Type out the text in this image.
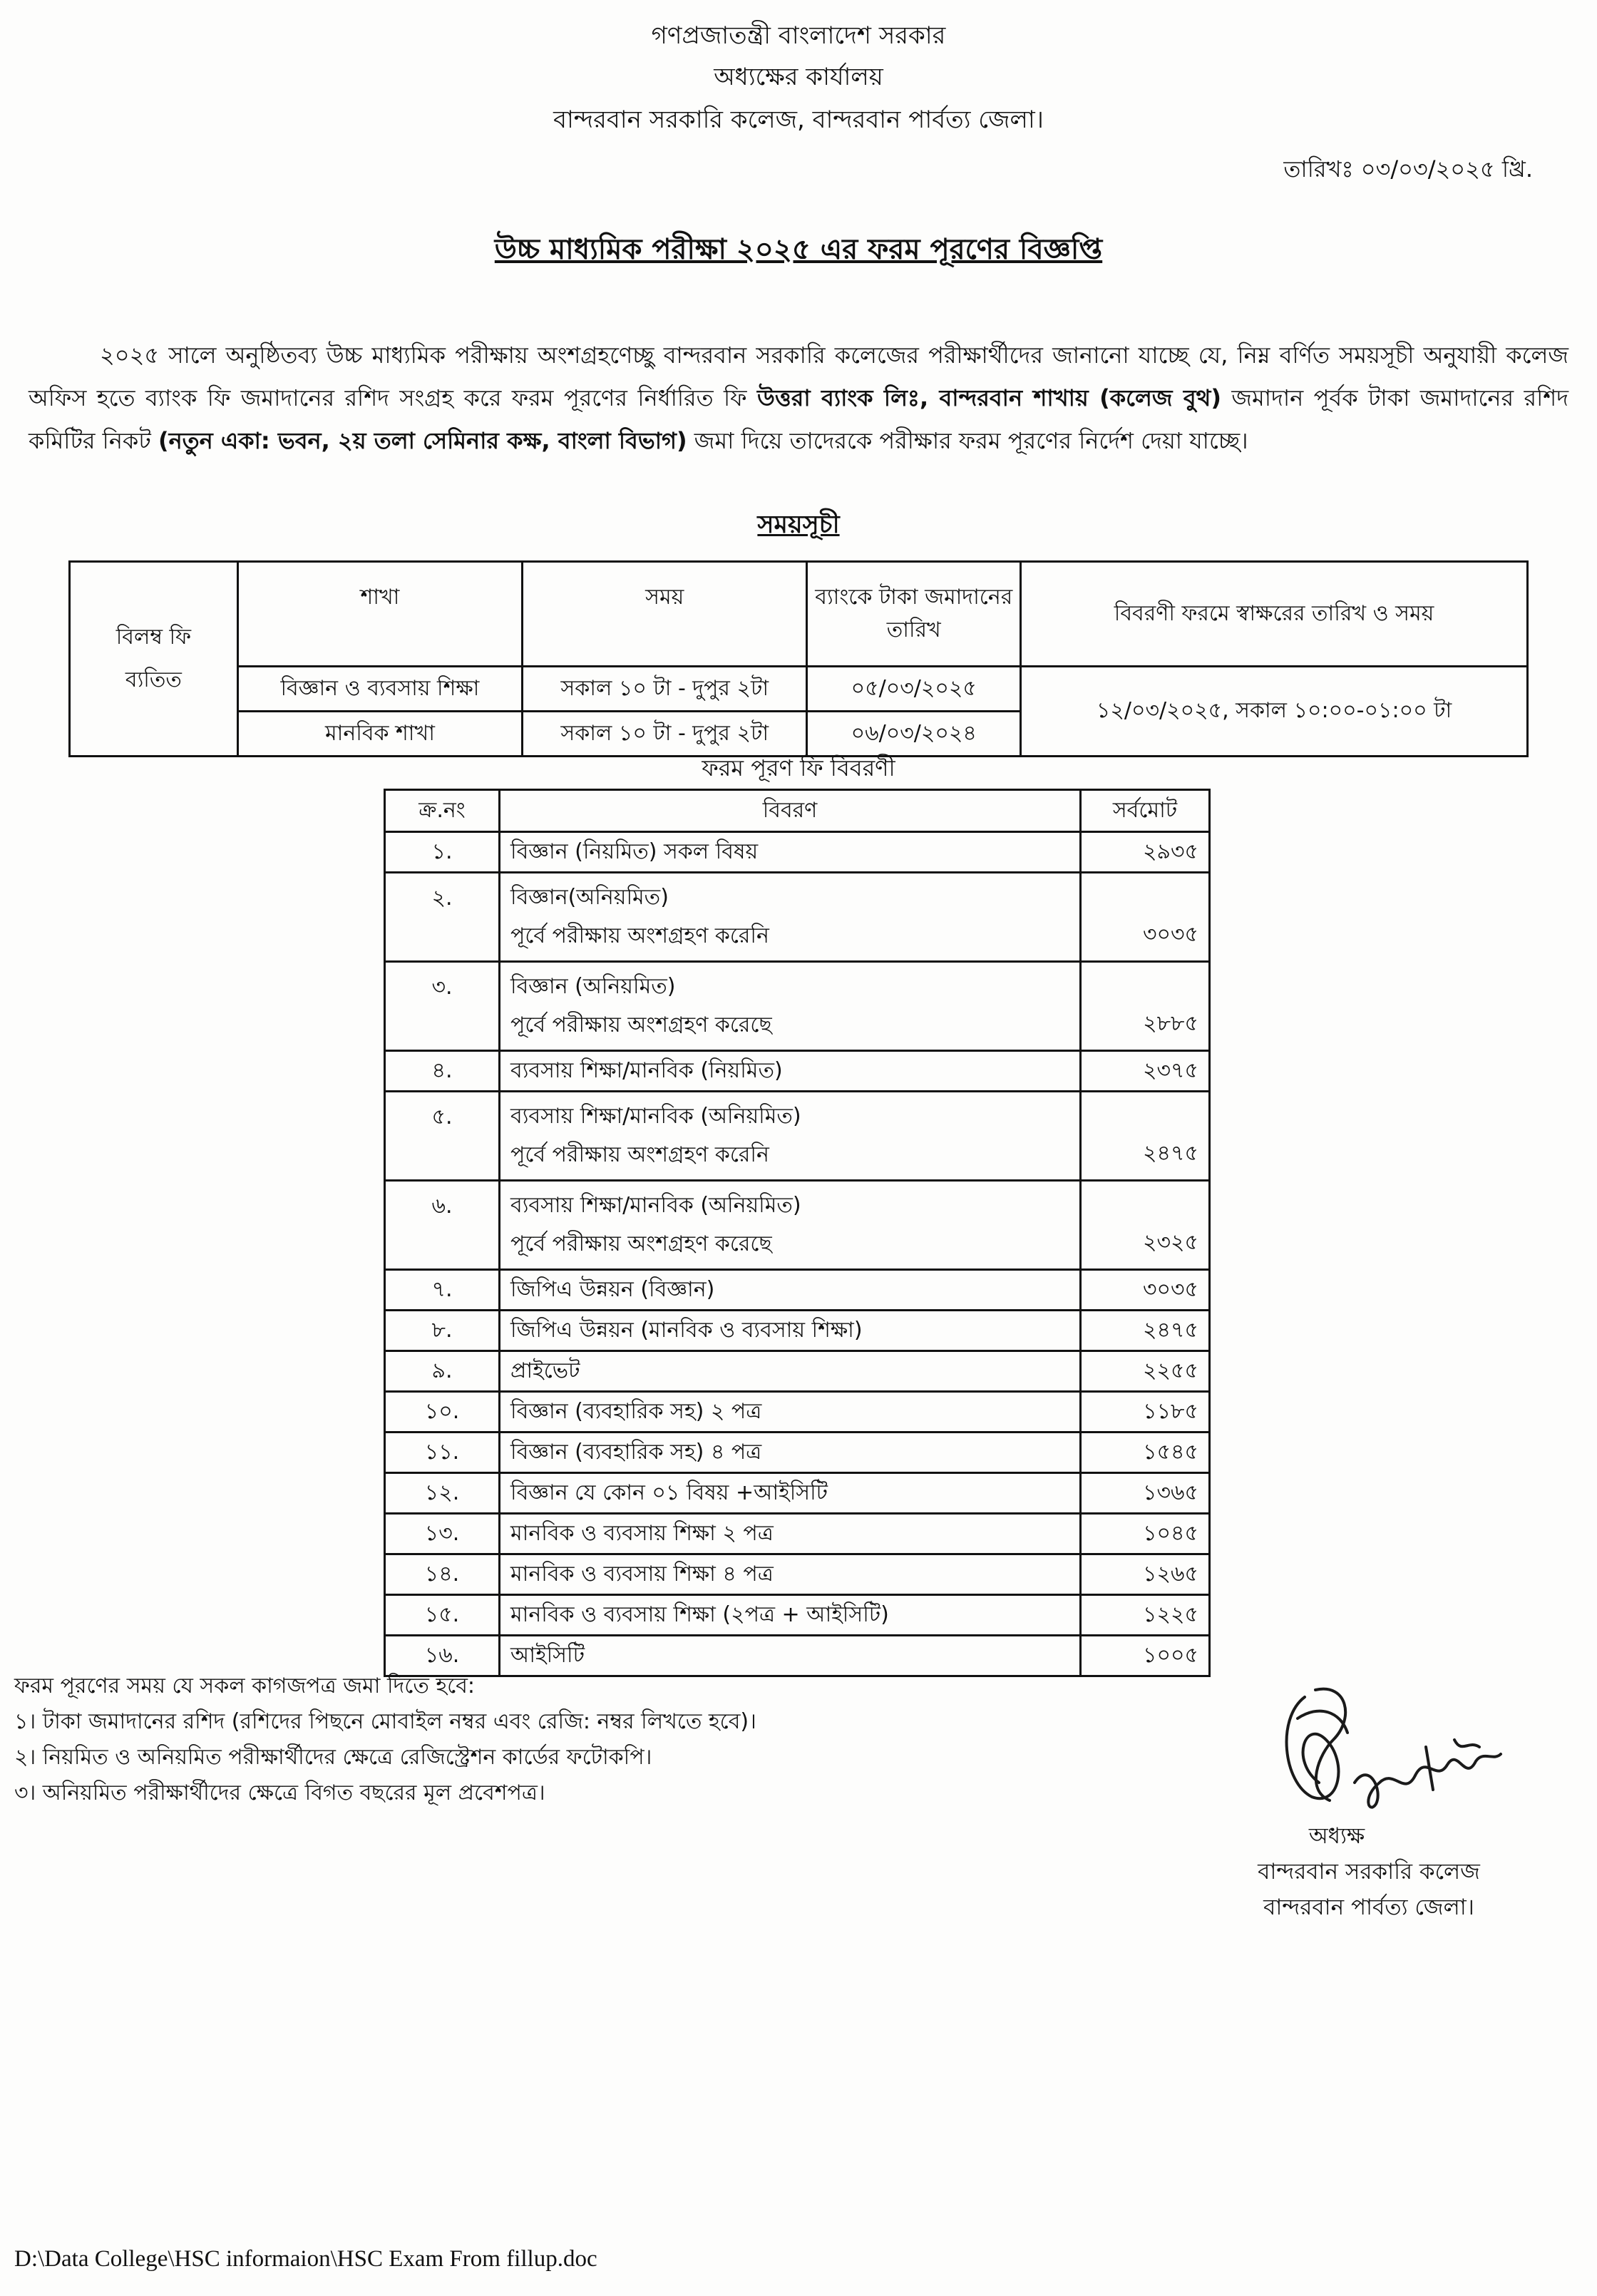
গণপ্রজাতন্ত্রী বাংলাদেশ সরকার
অধ্যক্ষের কার্যালয়
বান্দরবান সরকারি কলেজ, বান্দরবান পার্বত্য জেলা।
তারিখঃ ০৩/০৩/২০২৫ খ্রি.
উচ্চ মাধ্যমিক পরীক্ষা ২০২৫ এর ফরম পূরণের বিজ্ঞপ্তি
২০২৫ সালে অনুষ্ঠিতব্য উচ্চ মাধ্যমিক পরীক্ষায় অংশগ্রহণেচ্ছু বান্দরবান সরকারি কলেজের পরীক্ষার্থীদের জানানো যাচ্ছে যে, নিম্ন বর্ণিত সময়সূচী অনুযায়ী কলেজ অফিস হতে ব্যাংক ফি জমাদানের রশিদ সংগ্রহ করে ফরম পূরণের নির্ধারিত ফি উত্তরা ব্যাংক লিঃ, বান্দরবান শাখায় (কলেজ বুথ) জমাদান পূর্বক টাকা জমাদানের রশিদ কমিটির নিকট (নতুন একা: ভবন, ২য় তলা সেমিনার কক্ষ, বাংলা বিভাগ) জমা দিয়ে তাদেরকে পরীক্ষার ফরম পূরণের নির্দেশ দেয়া যাচ্ছে।
সময়সূচী
বিলম্ব ফি ব্যতিত	শাখা	সময়	ব্যাংকে টাকা জমাদানের তারিখ	বিবরণী ফরমে স্বাক্ষরের তারিখ ও সময়
	বিজ্ঞান ও ব্যবসায় শিক্ষা	সকাল ১০ টা - দুপুর ২টা	০৫/০৩/২০২৫	১২/০৩/২০২৫, সকাল ১০:০০-০১:০০ টা
	মানবিক শাখা	সকাল ১০ টা - দুপুর ২টা	০৬/০৩/২০২৪	
ফরম পূরণ ফি বিবরণী
ক্র.নং	বিবরণ	সর্বমোট
১.	বিজ্ঞান (নিয়মিত) সকল বিষয়	২৯৩৫
২.	বিজ্ঞান(অনিয়মিত)
পূর্বে পরীক্ষায় অংশগ্রহণ করেনি	৩০৩৫
৩.	বিজ্ঞান (অনিয়মিত)
পূর্বে পরীক্ষায় অংশগ্রহণ করেছে	২৮৮৫
৪.	ব্যবসায় শিক্ষা/মানবিক (নিয়মিত)	২৩৭৫
৫.	ব্যবসায় শিক্ষা/মানবিক (অনিয়মিত)
পূর্বে পরীক্ষায় অংশগ্রহণ করেনি	২৪৭৫
৬.	ব্যবসায় শিক্ষা/মানবিক (অনিয়মিত)
পূর্বে পরীক্ষায় অংশগ্রহণ করেছে	২৩২৫
৭.	জিপিএ উন্নয়ন (বিজ্ঞান)	৩০৩৫
৮.	জিপিএ উন্নয়ন (মানবিক ও ব্যবসায় শিক্ষা)	২৪৭৫
৯.	প্রাইভেট	২২৫৫
১০.	বিজ্ঞান (ব্যবহারিক সহ) ২ পত্র	১১৮৫
১১.	বিজ্ঞান (ব্যবহারিক সহ) ৪ পত্র	১৫৪৫
১২.	বিজ্ঞান যে কোন ০১ বিষয় +আইসিটি	১৩৬৫
১৩.	মানবিক ও ব্যবসায় শিক্ষা ২ পত্র	১০৪৫
১৪.	মানবিক ও ব্যবসায় শিক্ষা ৪ পত্র	১২৬৫
১৫.	মানবিক ও ব্যবসায় শিক্ষা (২পত্র + আইসিটি)	১২২৫
১৬.	আইসিটি	১০০৫
ফরম পূরণের সময় যে সকল কাগজপত্র জমা দিতে হবে:
১। টাকা জমাদানের রশিদ (রশিদের পিছনে মোবাইল নম্বর এবং রেজি: নম্বর লিখতে হবে)।
২। নিয়মিত ও অনিয়মিত পরীক্ষার্থীদের ক্ষেত্রে রেজিস্ট্রেশন কার্ডের ফটোকপি।
৩। অনিয়মিত পরীক্ষার্থীদের ক্ষেত্রে বিগত বছরের মূল প্রবেশপত্র।
অধ্যক্ষ
বান্দরবান সরকারি কলেজ
বান্দরবান পার্বত্য জেলা।
D:\Data College\HSC informaion\HSC Exam From fillup.doc
